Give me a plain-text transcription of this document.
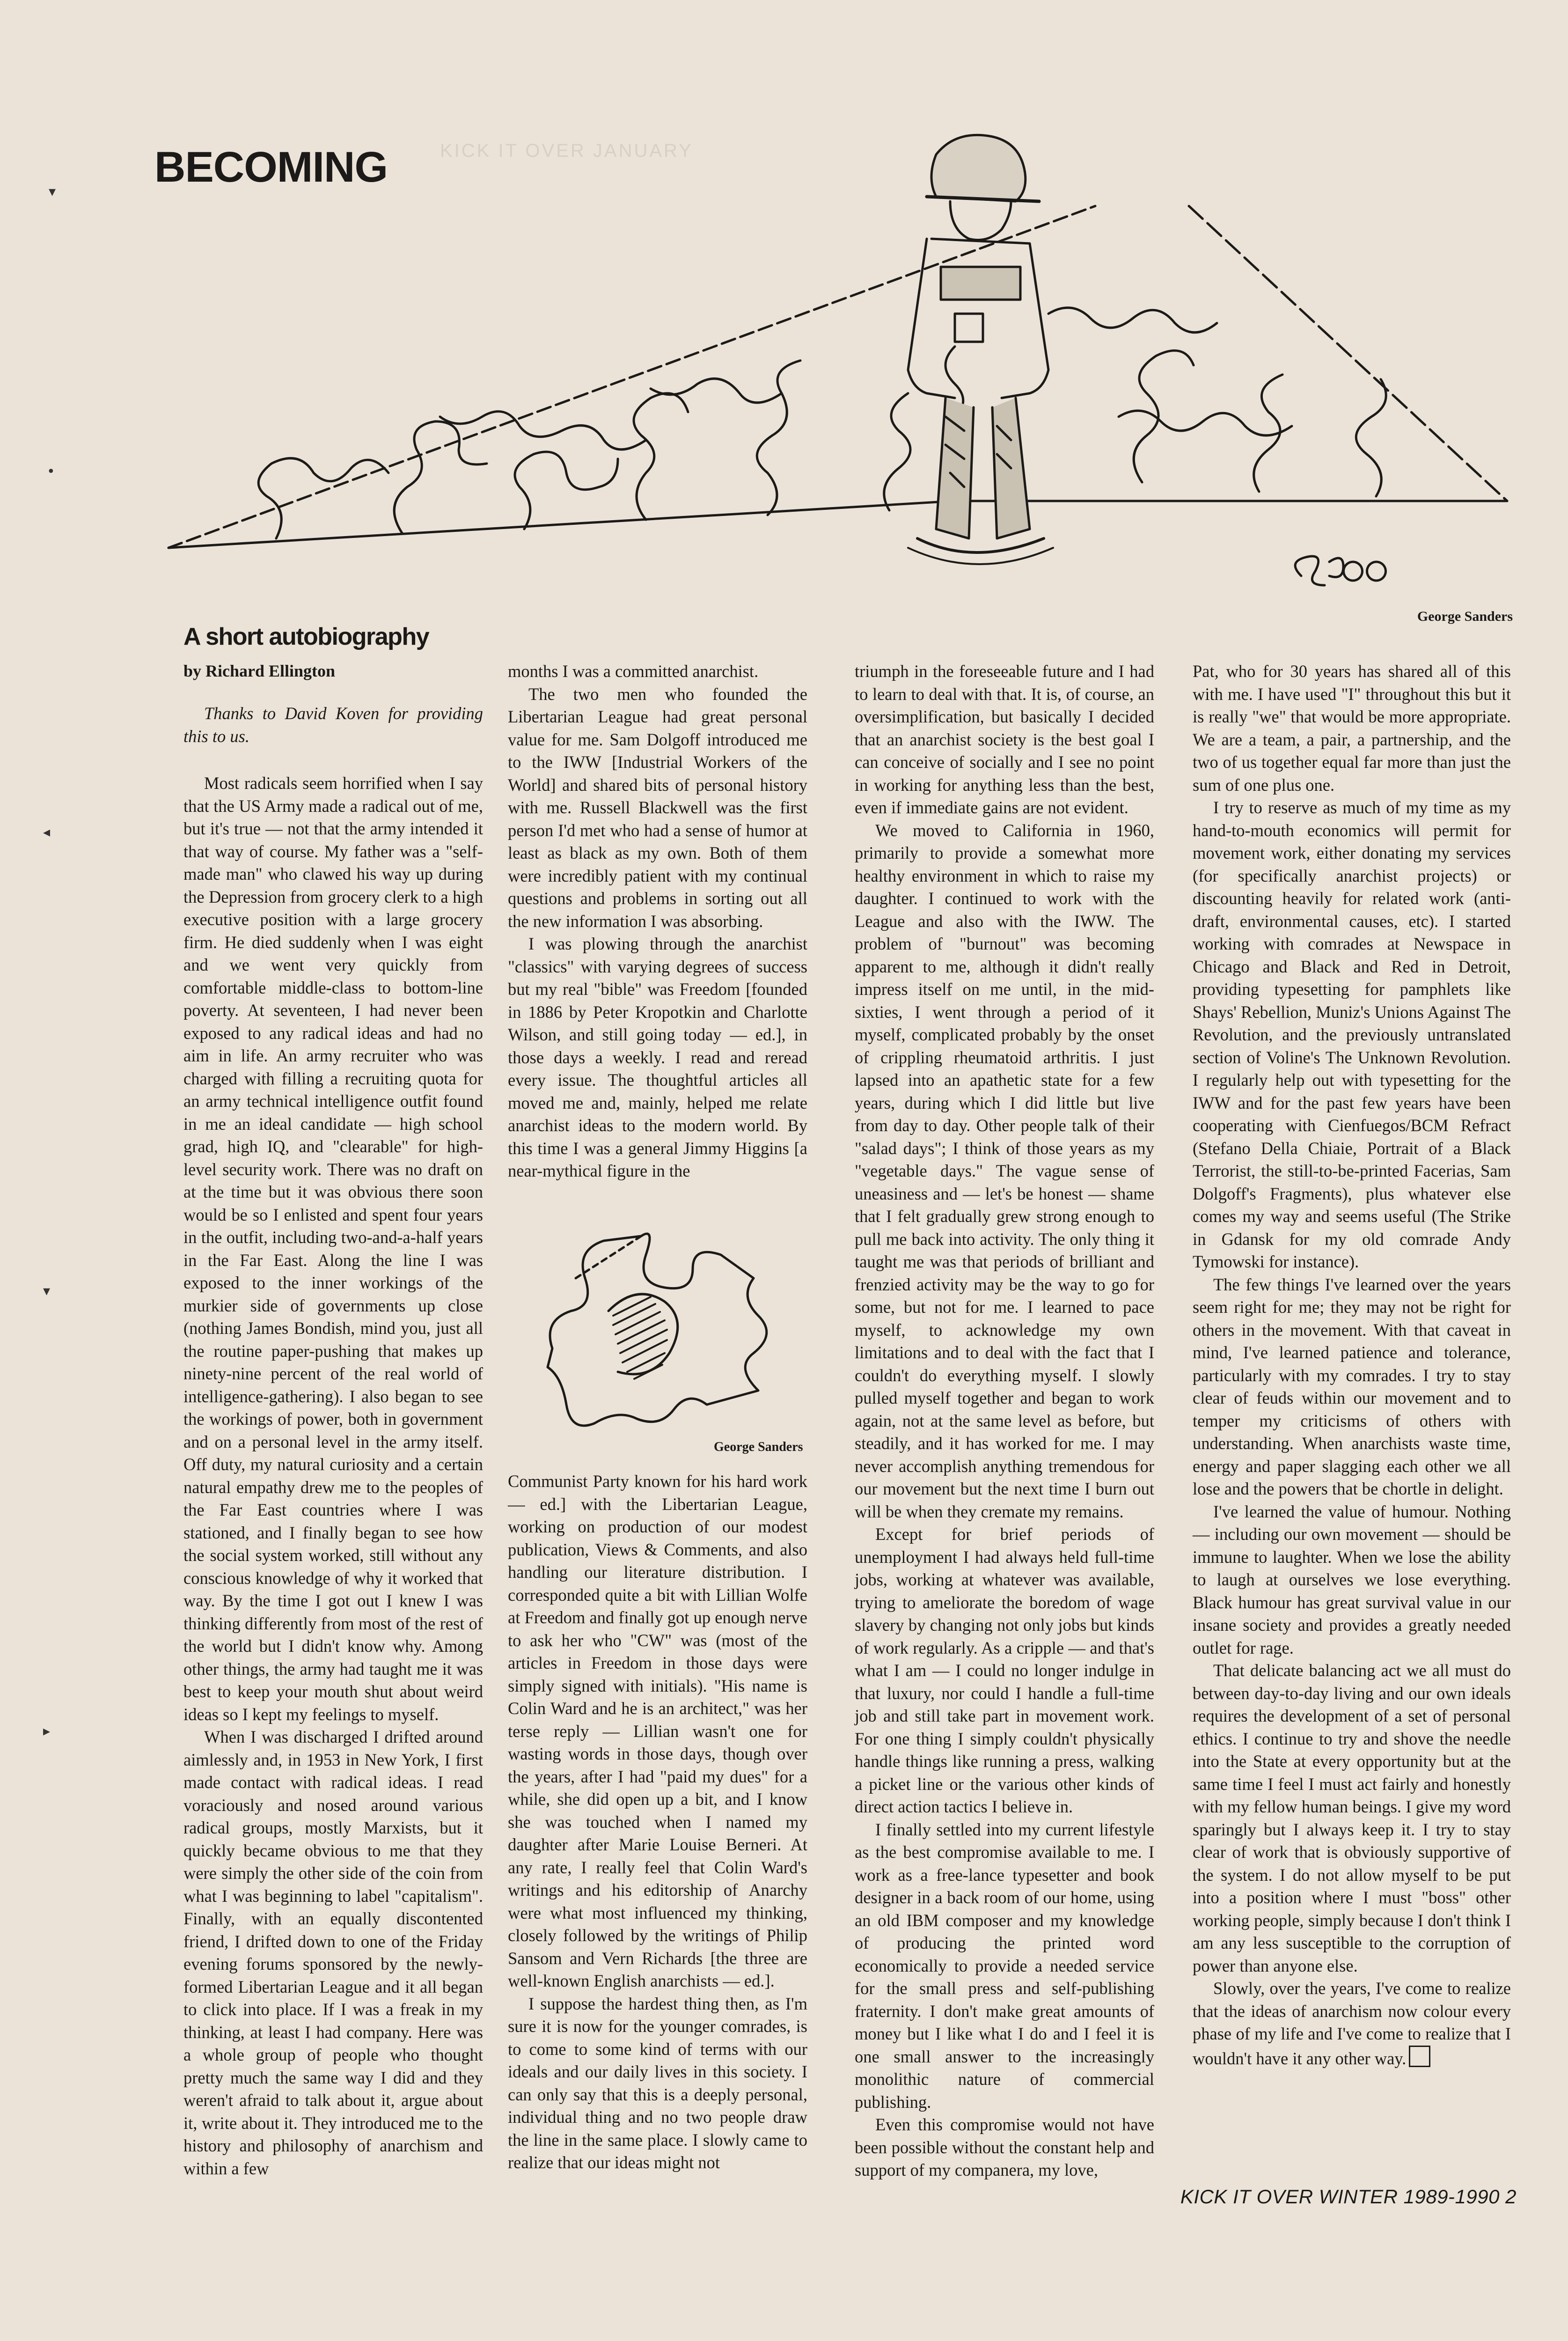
KICK IT OVER JANUARY
▾
•
◂
▾
▸
BECOMING
George Sanders
A short autobiography
by Richard Ellington

Thanks to David Koven for providing this to us.

Most radicals seem horrified when I say that the US Army made a radical out of me, but it's true — not that the army intended it that way of course. My father was a "self-made man" who clawed his way up during the Depression from grocery clerk to a high executive position with a large grocery firm. He died suddenly when I was eight and we went very quickly from comfortable middle-class to bottom-line poverty. At seventeen, I had never been exposed to any radical ideas and had no aim in life. An army recruiter who was charged with filling a recruiting quota for an army technical intelligence outfit found in me an ideal candidate — high school grad, high IQ, and "clearable" for high-level security work. There was no draft on at the time but it was obvious there soon would be so I enlisted and spent four years in the outfit, including two-and-a-half years in the Far East. Along the line I was exposed to the inner workings of the murkier side of governments up close (nothing James Bondish, mind you, just all the routine paper-pushing that makes up ninety-nine percent of the real world of intelligence-gathering). I also began to see the workings of power, both in government and on a personal level in the army itself. Off duty, my natural curiosity and a certain natural empathy drew me to the peoples of the Far East countries where I was stationed, and I finally began to see how the social system worked, still without any conscious knowledge of why it worked that way. By the time I got out I knew I was thinking differently from most of the rest of the world but I didn't know why. Among other things, the army had taught me it was best to keep your mouth shut about weird ideas so I kept my feelings to myself.

When I was discharged I drifted around aimlessly and, in 1953 in New York, I first made contact with radical ideas. I read voraciously and nosed around various radical groups, mostly Marxists, but it quickly became obvious to me that they were simply the other side of the coin from what I was beginning to label "capitalism". Finally, with an equally discontented friend, I drifted down to one of the Friday evening forums sponsored by the newly-formed Libertarian League and it all began to click into place. If I was a freak in my thinking, at least I had company. Here was a whole group of people who thought pretty much the same way I did and they weren't afraid to talk about it, argue about it, write about it. They introduced me to the history and philosophy of anarchism and within a few

months I was a committed anarchist.

The two men who founded the Libertarian League had great personal value for me. Sam Dolgoff introduced me to the IWW [Industrial Workers of the World] and shared bits of personal history with me. Russell Blackwell was the first person I'd met who had a sense of humor at least as black as my own. Both of them were incredibly patient with my continual questions and problems in sorting out all the new information I was absorbing.

I was plowing through the anarchist "classics" with varying degrees of success but my real "bible" was Freedom [founded in 1886 by Peter Kropotkin and Charlotte Wilson, and still going today — ed.], in those days a weekly. I read and reread every issue. The thoughtful articles all moved me and, mainly, helped me relate anarchist ideas to the modern world. By this time I was a general Jimmy Higgins [a near-mythical figure in the

George Sanders

Communist Party known for his hard work — ed.] with the Libertarian League, working on production of our modest publication, Views & Comments, and also handling our literature distribution. I corresponded quite a bit with Lillian Wolfe at Freedom and finally got up enough nerve to ask her who "CW" was (most of the articles in Freedom in those days were simply signed with initials). "His name is Colin Ward and he is an architect," was her terse reply — Lillian wasn't one for wasting words in those days, though over the years, after I had "paid my dues" for a while, she did open up a bit, and I know she was touched when I named my daughter after Marie Louise Berneri. At any rate, I really feel that Colin Ward's writings and his editorship of Anarchy were what most influenced my thinking, closely followed by the writings of Philip Sansom and Vern Richards [the three are well-known English anarchists — ed.].

I suppose the hardest thing then, as I'm sure it is now for the younger comrades, is to come to some kind of terms with our ideals and our daily lives in this society. I can only say that this is a deeply personal, individual thing and no two people draw the line in the same place. I slowly came to realize that our ideas might not

triumph in the foreseeable future and I had to learn to deal with that. It is, of course, an oversimplification, but basically I decided that an anarchist society is the best goal I can conceive of socially and I see no point in working for anything less than the best, even if immediate gains are not evident.

We moved to California in 1960, primarily to provide a somewhat more healthy environment in which to raise my daughter. I continued to work with the League and also with the IWW. The problem of "burnout" was becoming apparent to me, although it didn't really impress itself on me until, in the mid-sixties, I went through a period of it myself, complicated probably by the onset of crippling rheumatoid arthritis. I just lapsed into an apathetic state for a few years, during which I did little but live from day to day. Other people talk of their "salad days"; I think of those years as my "vegetable days." The vague sense of uneasiness and — let's be honest — shame that I felt gradually grew strong enough to pull me back into activity. The only thing it taught me was that periods of brilliant and frenzied activity may be the way to go for some, but not for me. I learned to pace myself, to acknowledge my own limitations and to deal with the fact that I couldn't do everything myself. I slowly pulled myself together and began to work again, not at the same level as before, but steadily, and it has worked for me. I may never accomplish anything tremendous for our movement but the next time I burn out will be when they cremate my remains.

Except for brief periods of unemployment I had always held full-time jobs, working at whatever was available, trying to ameliorate the boredom of wage slavery by changing not only jobs but kinds of work regularly. As a cripple — and that's what I am — I could no longer indulge in that luxury, nor could I handle a full-time job and still take part in movement work. For one thing I simply couldn't physically handle things like running a press, walking a picket line or the various other kinds of direct action tactics I believe in.

I finally settled into my current lifestyle as the best compromise available to me. I work as a free-lance typesetter and book designer in a back room of our home, using an old IBM composer and my knowledge of producing the printed word economically to provide a needed service for the small press and self-publishing fraternity. I don't make great amounts of money but I like what I do and I feel it is one small answer to the increasingly monolithic nature of commercial publishing.

Even this compromise would not have been possible without the constant help and support of my companera, my love,

Pat, who for 30 years has shared all of this with me. I have used "I" throughout this but it is really "we" that would be more appropriate. We are a team, a pair, a partnership, and the two of us together equal far more than just the sum of one plus one.

I try to reserve as much of my time as my hand-to-mouth economics will permit for movement work, either donating my services (for specifically anarchist projects) or discounting heavily for related work (anti-draft, environmental causes, etc). I started working with comrades at Newspace in Chicago and Black and Red in Detroit, providing typesetting for pamphlets like Shays' Rebellion, Muniz's Unions Against The Revolution, and the previously untranslated section of Voline's The Unknown Revolution. I regularly help out with typesetting for the IWW and for the past few years have been cooperating with Cienfuegos/BCM Refract (Stefano Della Chiaie, Portrait of a Black Terrorist, the still-to-be-printed Facerias, Sam Dolgoff's Fragments), plus whatever else comes my way and seems useful (The Strike in Gdansk for my old comrade Andy Tymowski for instance).

The few things I've learned over the years seem right for me; they may not be right for others in the movement. With that caveat in mind, I've learned patience and tolerance, particularly with my comrades. I try to stay clear of feuds within our movement and to temper my criticisms of others with understanding. When anarchists waste time, energy and paper slagging each other we all lose and the powers that be chortle in delight.

I've learned the value of humour. Nothing — including our own movement — should be immune to laughter. When we lose the ability to laugh at ourselves we lose everything. Black humour has great survival value in our insane society and provides a greatly needed outlet for rage.

That delicate balancing act we all must do between day-to-day living and our own ideals requires the development of a set of personal ethics. I continue to try and shove the needle into the State at every opportunity but at the same time I feel I must act fairly and honestly with my fellow human beings. I give my word sparingly but I always keep it. I try to stay clear of work that is obviously supportive of the system. I do not allow myself to be put into a position where I must "boss" other working people, simply because I don't think I am any less susceptible to the corruption of power than anyone else.

Slowly, over the years, I've come to realize that the ideas of anarchism now colour every phase of my life and I've come to realize that I wouldn't have it any other way.

KICK IT OVER WINTER 1989-1990 2
